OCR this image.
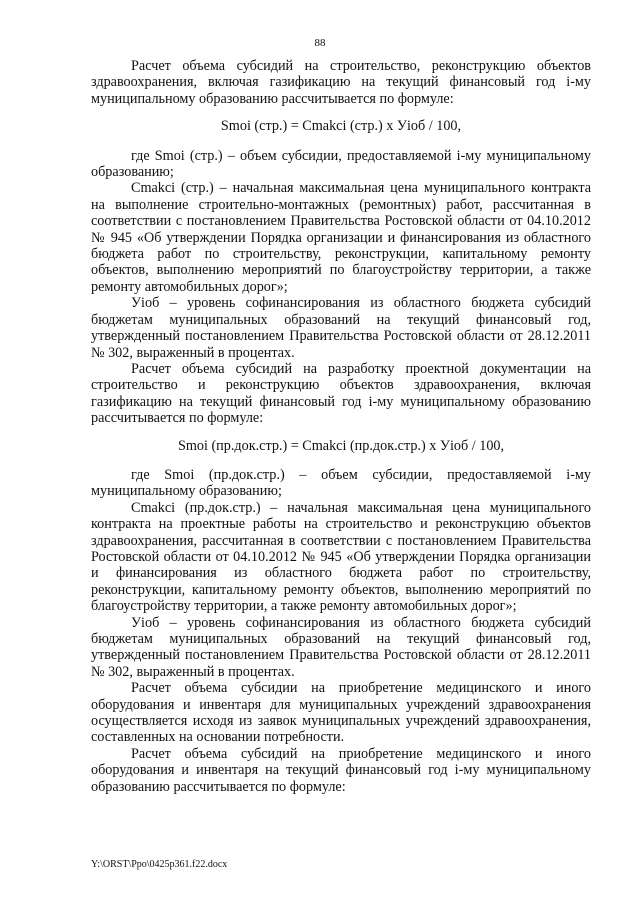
88

Расчет объема субсидий на строительство, реконструкцию объектов здравоохранения, включая газификацию на текущий финансовый год i-му муниципальному образованию рассчитывается по формуле:

Smoi (стр.) = Cmakci (стр.) x Уioб / 100,

где Smoi (стр.) – объем субсидии, предоставляемой i-му муниципальному образованию;

Cmakci (стр.) – начальная максимальная цена муниципального контракта на выполнение строительно-монтажных (ремонтных) работ, рассчитанная в соответствии с постановлением Правительства Ростовской области от 04.10.2012 № 945 «Об утверждении Порядка организации и финансирования из областного бюджета работ по строительству, реконструкции, капитальному ремонту объектов, выполнению мероприятий по благоустройству территории, а также ремонту автомобильных дорог»;

Уioб – уровень софинансирования из областного бюджета субсидий бюджетам муниципальных образований на текущий финансовый год, утвержденный постановлением Правительства Ростовской области от 28.12.2011 № 302, выраженный в процентах.

Расчет объема субсидий на разработку проектной документации на строительство и реконструкцию объектов здравоохранения, включая газификацию на текущий финансовый год i-му муниципальному образованию рассчитывается по формуле:

Smoi (пр.док.стр.) = Cmakci (пр.док.стр.) x Уioб / 100,

где Smoi (пр.док.стр.) – объем субсидии, предоставляемой i-му муниципальному образованию;

Cmakci (пр.док.стр.) – начальная максимальная цена муниципального контракта на проектные работы на строительство и реконструкцию объектов здравоохранения, рассчитанная в соответствии с постановлением Правительства Ростовской области от 04.10.2012 № 945 «Об утверждении Порядка организации и финансирования из областного бюджета работ по строительству, реконструкции, капитальному ремонту объектов, выполнению мероприятий по благоустройству территории, а также ремонту автомобильных дорог»;

Уioб – уровень софинансирования из областного бюджета субсидий бюджетам муниципальных образований на текущий финансовый год, утвержденный постановлением Правительства Ростовской области от 28.12.2011 № 302, выраженный в процентах.

Расчет объема субсидии на приобретение медицинского и иного оборудования и инвентаря для муниципальных учреждений здравоохранения осуществляется исходя из заявок муниципальных учреждений здравоохранения, составленных на основании потребности.

Расчет объема субсидий на приобретение медицинского и иного оборудования и инвентаря на текущий финансовый год i-му муниципальному образованию рассчитывается по формуле:

Y:\ORST\Ppo\0425p361.f22.docx
